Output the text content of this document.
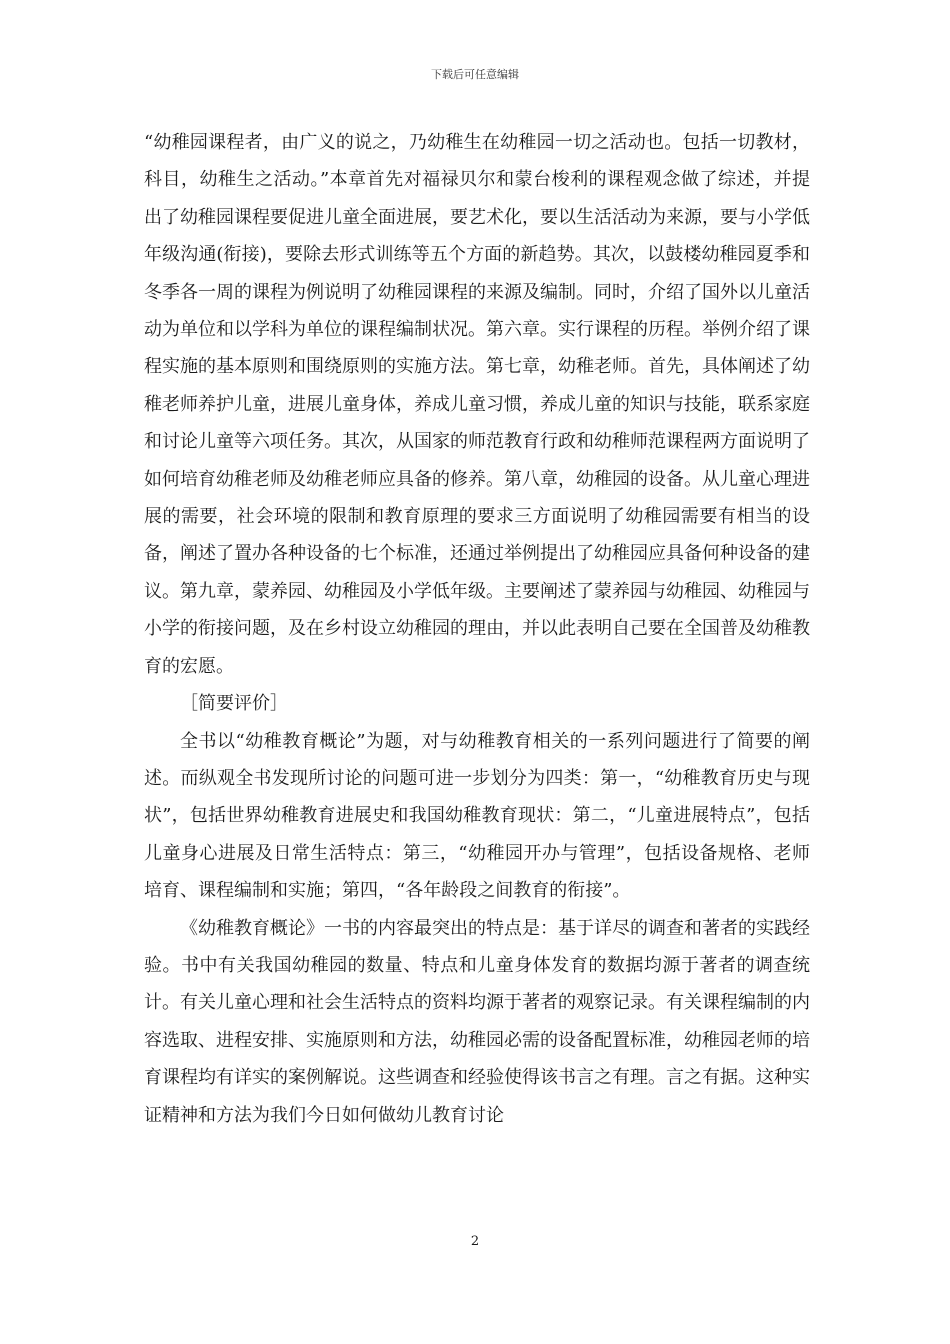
下载后可任意编辑

“幼稚园课程者，由广义的说之，乃幼稚生在幼稚园一切之活动也。包括一切教材，科目，幼稚生之活动。”本章首先对福禄贝尔和蒙台梭利的课程观念做了综述，并提出了幼稚园课程要促进儿童全面进展，要艺术化，要以生活活动为来源，要与小学低年级沟通(衔接)，要除去形式训练等五个方面的新趋势。其次，以鼓楼幼稚园夏季和冬季各一周的课程为例说明了幼稚园课程的来源及编制。同时，介绍了国外以儿童活动为单位和以学科为单位的课程编制状况。第六章。实行课程的历程。举例介绍了课程实施的基本原则和围绕原则的实施方法。第七章，幼稚老师。首先，具体阐述了幼稚老师养护儿童，进展儿童身体，养成儿童习惯，养成儿童的知识与技能，联系家庭和讨论儿童等六项任务。其次，从国家的师范教育行政和幼稚师范课程两方面说明了如何培育幼稚老师及幼稚老师应具备的修养。第八章，幼稚园的设备。从儿童心理进展的需要，社会环境的限制和教育原理的要求三方面说明了幼稚园需要有相当的设备，阐述了置办各种设备的七个标准，还通过举例提出了幼稚园应具备何种设备的建议。第九章，蒙养园、幼稚园及小学低年级。主要阐述了蒙养园与幼稚园、幼稚园与小学的衔接问题，及在乡村设立幼稚园的理由，并以此表明自己要在全国普及幼稚教育的宏愿。

［简要评价］

全书以“幼稚教育概论”为题，对与幼稚教育相关的一系列问题进行了简要的阐述。而纵观全书发现所讨论的问题可进一步划分为四类：第一，“幼稚教育历史与现状”，包括世界幼稚教育进展史和我国幼稚教育现状：第二，“儿童进展特点”，包括儿童身心进展及日常生活特点：第三，“幼稚园开办与管理”，包括设备规格、老师培育、课程编制和实施；第四，“各年龄段之间教育的衔接”。

《幼稚教育概论》一书的内容最突出的特点是：基于详尽的调查和著者的实践经验。书中有关我国幼稚园的数量、特点和儿童身体发育的数据均源于著者的调查统计。有关儿童心理和社会生活特点的资料均源于著者的观察记录。有关课程编制的内容选取、进程安排、实施原则和方法，幼稚园必需的设备配置标准，幼稚园老师的培育课程均有详实的案例解说。这些调查和经验使得该书言之有理。言之有据。这种实证精神和方法为我们今日如何做幼儿教育讨论

2
